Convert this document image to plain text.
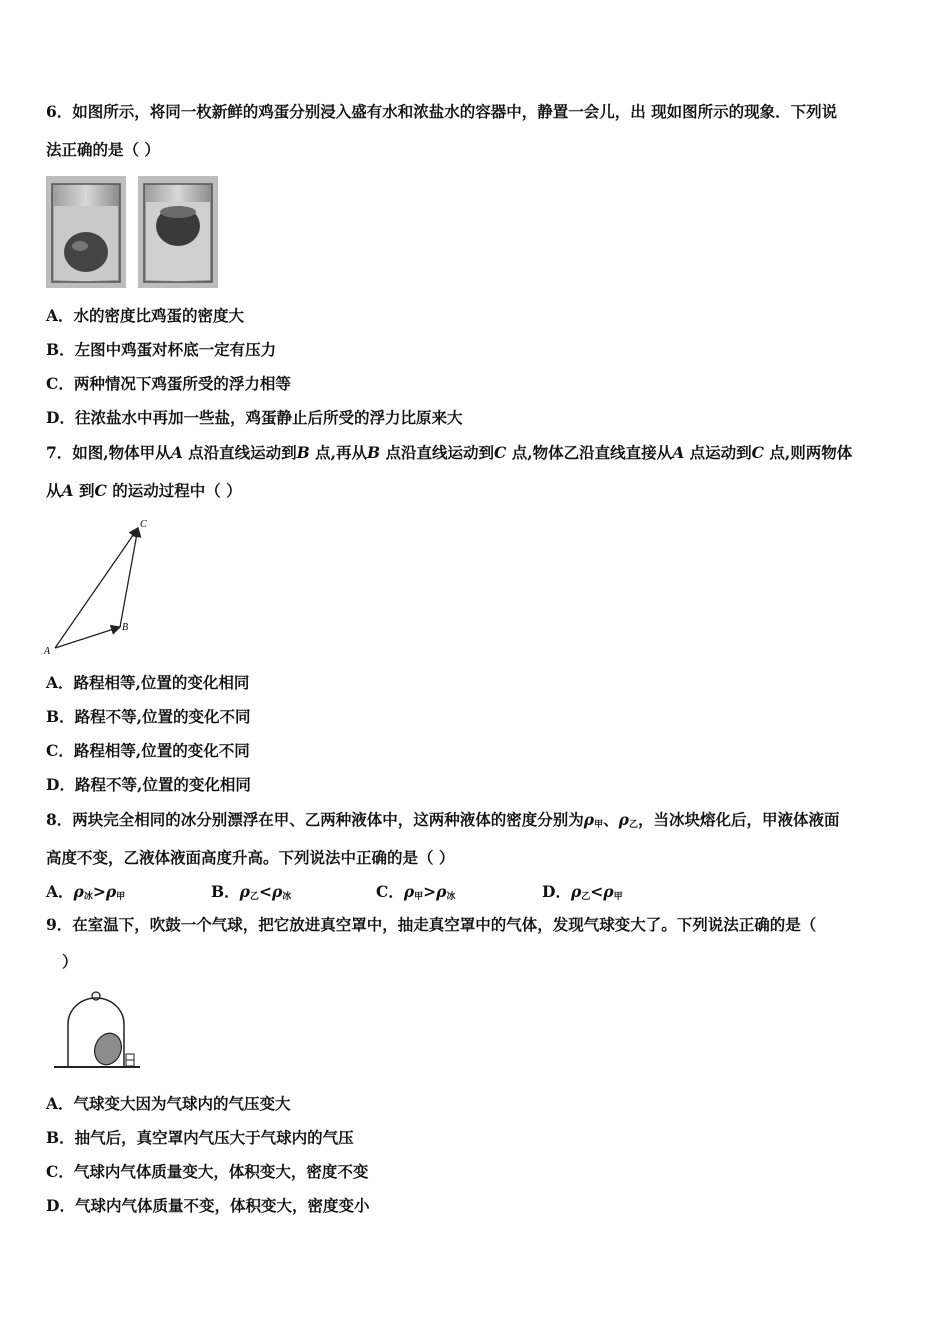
6．如图所示，将同一枚新鲜的鸡蛋分别浸入盛有水和浓盐水的容器中，静置一会儿，出 现如图所示的现象．下列说
法正确的是（ ）
A．水的密度比鸡蛋的密度大
B．左图中鸡蛋对杯底一定有压力
C．两种情况下鸡蛋所受的浮力相等
D．往浓盐水中再加一些盐，鸡蛋静止后所受的浮力比原来大
7．如图,物体甲从A 点沿直线运动到B 点,再从B 点沿直线运动到C 点,物体乙沿直线直接从A 点运动到C 点,则两物体
从A 到C 的运动过程中（ ）
A
B
C
A．路程相等,位置的变化相同
B．路程不等,位置的变化不同
C．路程相等,位置的变化不同
D．路程不等,位置的变化相同
8．两块完全相同的冰分别漂浮在甲、乙两种液体中，这两种液体的密度分别为$\rho_甲$、$\rho_乙$，当冰块熔化后，甲液体液面
高度不变，乙液体液面高度升高。下列说法中正确的是（ ）
A．$\rho_冰>\rho_甲$	B．$\rho_乙<\rho_冰$	C．$\rho_甲>\rho_冰$	D．$\rho_乙<\rho_甲$
9．在室温下，吹鼓一个气球，把它放进真空罩中，抽走真空罩中的气体，发现气球变大了。下列说法正确的是（
）
A．气球变大因为气球内的气压变大
B．抽气后，真空罩内气压大于气球内的气压
C．气球内气体质量变大，体积变大，密度不变
D．气球内气体质量不变，体积变大，密度变小
